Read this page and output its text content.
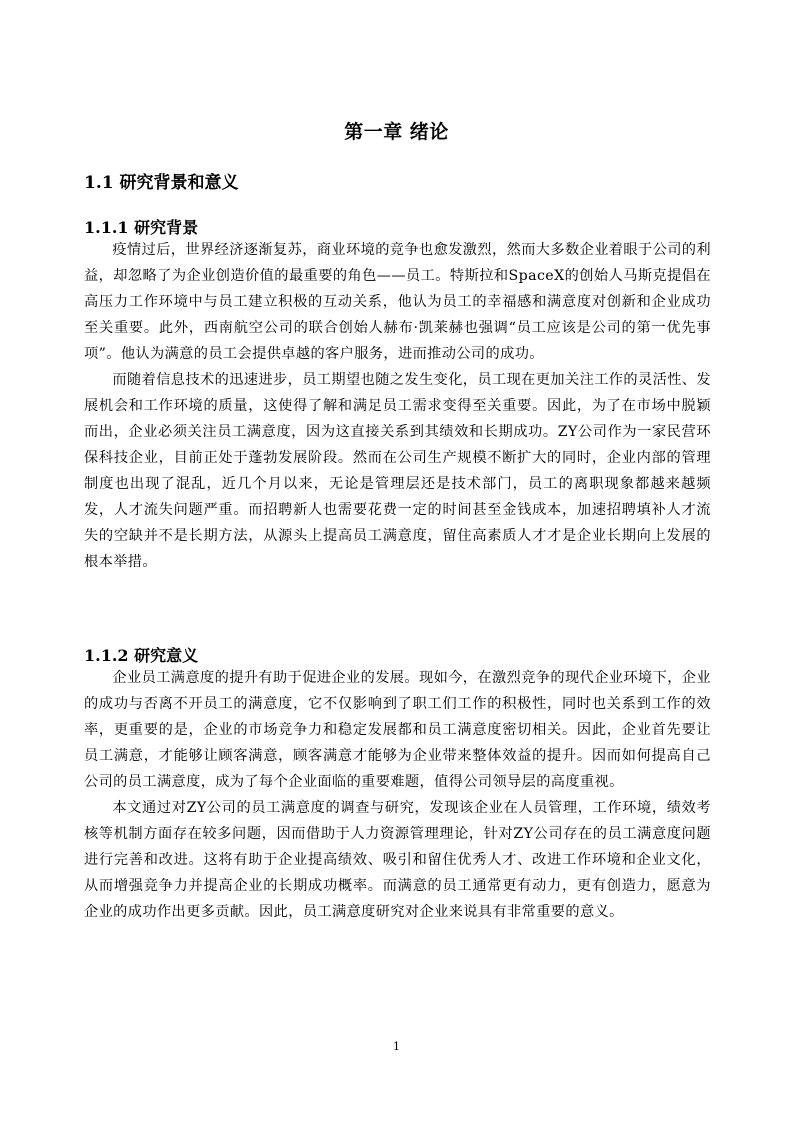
第一章 绪论
1.1 研究背景和意义
1.1.1 研究背景

疫情过后，世界经济逐渐复苏，商业环境的竞争也愈发激烈，然而大多数企业着眼于公司的利益，却忽略了为企业创造价值的最重要的角色——员工。特斯拉和SpaceX的创始人马斯克提倡在高压力工作环境中与员工建立积极的互动关系，他认为员工的幸福感和满意度对创新和企业成功至关重要。此外，西南航空公司的联合创始人赫布·凯莱赫也强调“员工应该是公司的第一优先事项”。他认为满意的员工会提供卓越的客户服务，进而推动公司的成功。

而随着信息技术的迅速进步，员工期望也随之发生变化，员工现在更加关注工作的灵活性、发展机会和工作环境的质量，这使得了解和满足员工需求变得至关重要。因此，为了在市场中脱颖而出，企业必须关注员工满意度，因为这直接关系到其绩效和长期成功。ZY公司作为一家民营环保科技企业，目前正处于蓬勃发展阶段。然而在公司生产规模不断扩大的同时，企业内部的管理制度也出现了混乱，近几个月以来，无论是管理层还是技术部门，员工的离职现象都越来越频发，人才流失问题严重。而招聘新人也需要花费一定的时间甚至金钱成本，加速招聘填补人才流失的空缺并不是长期方法，从源头上提高员工满意度，留住高素质人才才是企业长期向上发展的根本举措。

1.1.2 研究意义

企业员工满意度的提升有助于促进企业的发展。现如今，在激烈竞争的现代企业环境下，企业的成功与否离不开员工的满意度，它不仅影响到了职工们工作的积极性，同时也关系到工作的效率，更重要的是，企业的市场竞争力和稳定发展都和员工满意度密切相关。因此，企业首先要让员工满意，才能够让顾客满意，顾客满意才能够为企业带来整体效益的提升。因而如何提高自己公司的员工满意度，成为了每个企业面临的重要难题，值得公司领导层的高度重视。

本文通过对ZY公司的员工满意度的调查与研究，发现该企业在人员管理，工作环境，绩效考核等机制方面存在较多问题，因而借助于人力资源管理理论，针对ZY公司存在的员工满意度问题进行完善和改进。这将有助于企业提高绩效、吸引和留住优秀人才、改进工作环境和企业文化，从而增强竞争力并提高企业的长期成功概率。而满意的员工通常更有动力，更有创造力，愿意为企业的成功作出更多贡献。因此，员工满意度研究对企业来说具有非常重要的意义。

1
